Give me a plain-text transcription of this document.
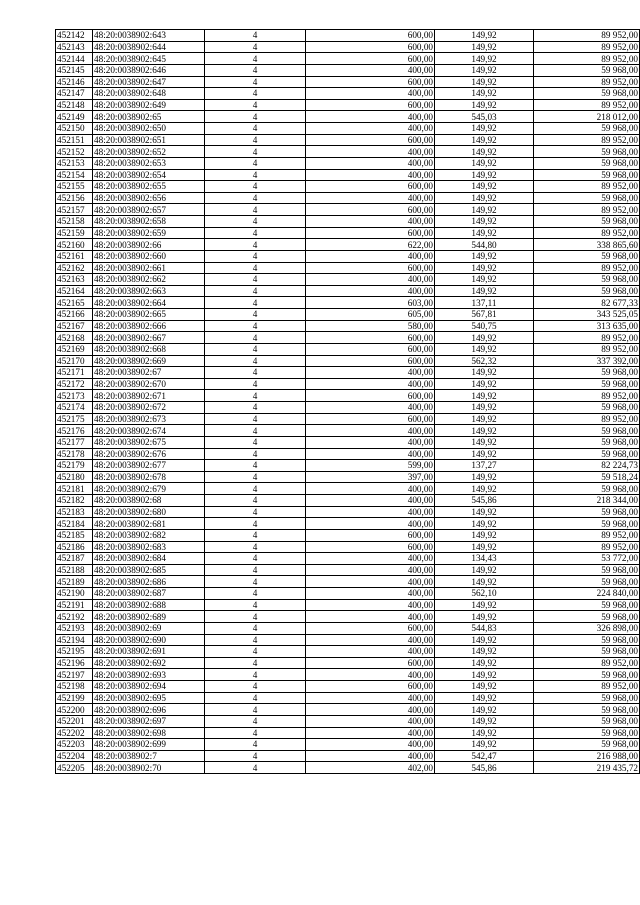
452142	48:20:0038902:643	4	600,00	149,92	89 952,00
452143	48:20:0038902:644	4	600,00	149,92	89 952,00
452144	48:20:0038902:645	4	600,00	149,92	89 952,00
452145	48:20:0038902:646	4	400,00	149,92	59 968,00
452146	48:20:0038902:647	4	600,00	149,92	89 952,00
452147	48:20:0038902:648	4	400,00	149,92	59 968,00
452148	48:20:0038902:649	4	600,00	149,92	89 952,00
452149	48:20:0038902:65	4	400,00	545,03	218 012,00
452150	48:20:0038902:650	4	400,00	149,92	59 968,00
452151	48:20:0038902:651	4	600,00	149,92	89 952,00
452152	48:20:0038902:652	4	400,00	149,92	59 968,00
452153	48:20:0038902:653	4	400,00	149,92	59 968,00
452154	48:20:0038902:654	4	400,00	149,92	59 968,00
452155	48:20:0038902:655	4	600,00	149,92	89 952,00
452156	48:20:0038902:656	4	400,00	149,92	59 968,00
452157	48:20:0038902:657	4	600,00	149,92	89 952,00
452158	48:20:0038902:658	4	400,00	149,92	59 968,00
452159	48:20:0038902:659	4	600,00	149,92	89 952,00
452160	48:20:0038902:66	4	622,00	544,80	338 865,60
452161	48:20:0038902:660	4	400,00	149,92	59 968,00
452162	48:20:0038902:661	4	600,00	149,92	89 952,00
452163	48:20:0038902:662	4	400,00	149,92	59 968,00
452164	48:20:0038902:663	4	400,00	149,92	59 968,00
452165	48:20:0038902:664	4	603,00	137,11	82 677,33
452166	48:20:0038902:665	4	605,00	567,81	343 525,05
452167	48:20:0038902:666	4	580,00	540,75	313 635,00
452168	48:20:0038902:667	4	600,00	149,92	89 952,00
452169	48:20:0038902:668	4	600,00	149,92	89 952,00
452170	48:20:0038902:669	4	600,00	562,32	337 392,00
452171	48:20:0038902:67	4	400,00	149,92	59 968,00
452172	48:20:0038902:670	4	400,00	149,92	59 968,00
452173	48:20:0038902:671	4	600,00	149,92	89 952,00
452174	48:20:0038902:672	4	400,00	149,92	59 968,00
452175	48:20:0038902:673	4	600,00	149,92	89 952,00
452176	48:20:0038902:674	4	400,00	149,92	59 968,00
452177	48:20:0038902:675	4	400,00	149,92	59 968,00
452178	48:20:0038902:676	4	400,00	149,92	59 968,00
452179	48:20:0038902:677	4	599,00	137,27	82 224,73
452180	48:20:0038902:678	4	397,00	149,92	59 518,24
452181	48:20:0038902:679	4	400,00	149,92	59 968,00
452182	48:20:0038902:68	4	400,00	545,86	218 344,00
452183	48:20:0038902:680	4	400,00	149,92	59 968,00
452184	48:20:0038902:681	4	400,00	149,92	59 968,00
452185	48:20:0038902:682	4	600,00	149,92	89 952,00
452186	48:20:0038902:683	4	600,00	149,92	89 952,00
452187	48:20:0038902:684	4	400,00	134,43	53 772,00
452188	48:20:0038902:685	4	400,00	149,92	59 968,00
452189	48:20:0038902:686	4	400,00	149,92	59 968,00
452190	48:20:0038902:687	4	400,00	562,10	224 840,00
452191	48:20:0038902:688	4	400,00	149,92	59 968,00
452192	48:20:0038902:689	4	400,00	149,92	59 968,00
452193	48:20:0038902:69	4	600,00	544,83	326 898,00
452194	48:20:0038902:690	4	400,00	149,92	59 968,00
452195	48:20:0038902:691	4	400,00	149,92	59 968,00
452196	48:20:0038902:692	4	600,00	149,92	89 952,00
452197	48:20:0038902:693	4	400,00	149,92	59 968,00
452198	48:20:0038902:694	4	600,00	149,92	89 952,00
452199	48:20:0038902:695	4	400,00	149,92	59 968,00
452200	48:20:0038902:696	4	400,00	149,92	59 968,00
452201	48:20:0038902:697	4	400,00	149,92	59 968,00
452202	48:20:0038902:698	4	400,00	149,92	59 968,00
452203	48:20:0038902:699	4	400,00	149,92	59 968,00
452204	48:20:0038902:7	4	400,00	542,47	216 988,00
452205	48:20:0038902:70	4	402,00	545,86	219 435,72
